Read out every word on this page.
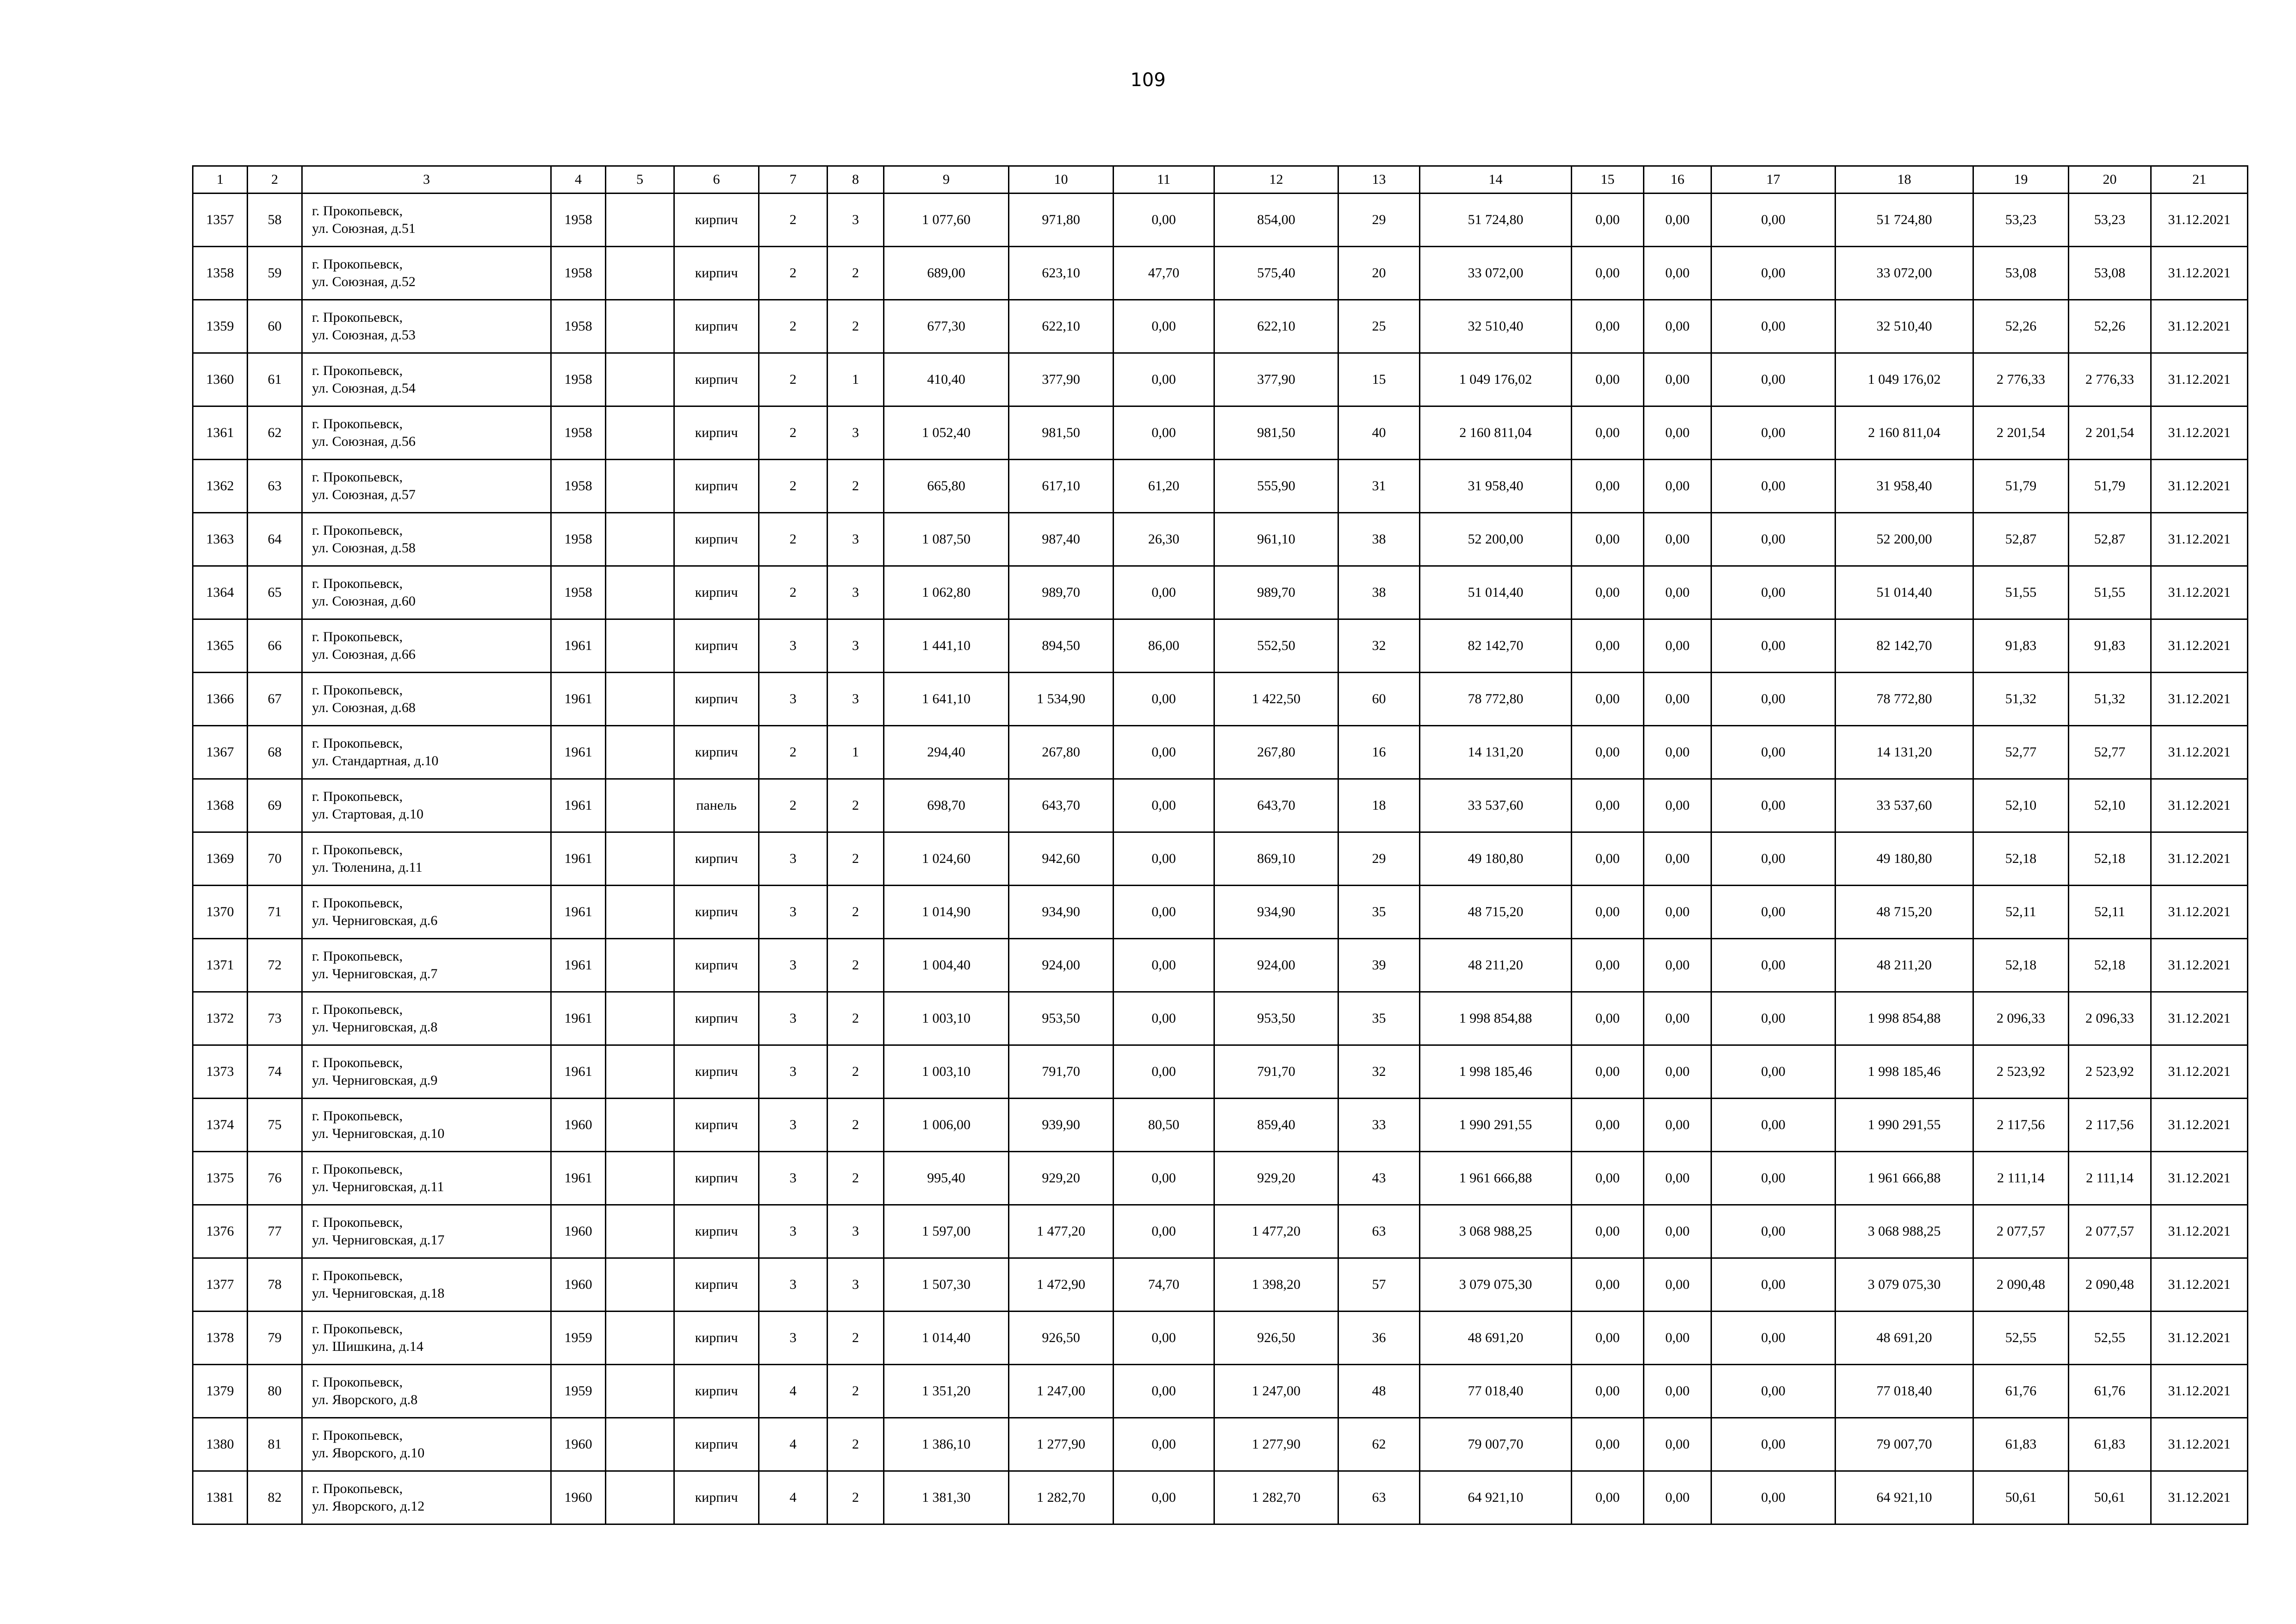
109
1	2	3	4	5	6	7	8	9	10	11	12	13	14	15	16	17	18	19	20	21
1357	58	г. Прокопьевск,
ул. Союзная, д.51	1958		кирпич	2	3	1 077,60	971,80	0,00	854,00	29	51 724,80	0,00	0,00	0,00	51 724,80	53,23	53,23	31.12.2021
1358	59	г. Прокопьевск,
ул. Союзная, д.52	1958		кирпич	2	2	689,00	623,10	47,70	575,40	20	33 072,00	0,00	0,00	0,00	33 072,00	53,08	53,08	31.12.2021
1359	60	г. Прокопьевск,
ул. Союзная, д.53	1958		кирпич	2	2	677,30	622,10	0,00	622,10	25	32 510,40	0,00	0,00	0,00	32 510,40	52,26	52,26	31.12.2021
1360	61	г. Прокопьевск,
ул. Союзная, д.54	1958		кирпич	2	1	410,40	377,90	0,00	377,90	15	1 049 176,02	0,00	0,00	0,00	1 049 176,02	2 776,33	2 776,33	31.12.2021
1361	62	г. Прокопьевск,
ул. Союзная, д.56	1958		кирпич	2	3	1 052,40	981,50	0,00	981,50	40	2 160 811,04	0,00	0,00	0,00	2 160 811,04	2 201,54	2 201,54	31.12.2021
1362	63	г. Прокопьевск,
ул. Союзная, д.57	1958		кирпич	2	2	665,80	617,10	61,20	555,90	31	31 958,40	0,00	0,00	0,00	31 958,40	51,79	51,79	31.12.2021
1363	64	г. Прокопьевск,
ул. Союзная, д.58	1958		кирпич	2	3	1 087,50	987,40	26,30	961,10	38	52 200,00	0,00	0,00	0,00	52 200,00	52,87	52,87	31.12.2021
1364	65	г. Прокопьевск,
ул. Союзная, д.60	1958		кирпич	2	3	1 062,80	989,70	0,00	989,70	38	51 014,40	0,00	0,00	0,00	51 014,40	51,55	51,55	31.12.2021
1365	66	г. Прокопьевск,
ул. Союзная, д.66	1961		кирпич	3	3	1 441,10	894,50	86,00	552,50	32	82 142,70	0,00	0,00	0,00	82 142,70	91,83	91,83	31.12.2021
1366	67	г. Прокопьевск,
ул. Союзная, д.68	1961		кирпич	3	3	1 641,10	1 534,90	0,00	1 422,50	60	78 772,80	0,00	0,00	0,00	78 772,80	51,32	51,32	31.12.2021
1367	68	г. Прокопьевск,
ул. Стандартная, д.10	1961		кирпич	2	1	294,40	267,80	0,00	267,80	16	14 131,20	0,00	0,00	0,00	14 131,20	52,77	52,77	31.12.2021
1368	69	г. Прокопьевск,
ул. Стартовая, д.10	1961		панель	2	2	698,70	643,70	0,00	643,70	18	33 537,60	0,00	0,00	0,00	33 537,60	52,10	52,10	31.12.2021
1369	70	г. Прокопьевск,
ул. Тюленина, д.11	1961		кирпич	3	2	1 024,60	942,60	0,00	869,10	29	49 180,80	0,00	0,00	0,00	49 180,80	52,18	52,18	31.12.2021
1370	71	г. Прокопьевск,
ул. Черниговская, д.6	1961		кирпич	3	2	1 014,90	934,90	0,00	934,90	35	48 715,20	0,00	0,00	0,00	48 715,20	52,11	52,11	31.12.2021
1371	72	г. Прокопьевск,
ул. Черниговская, д.7	1961		кирпич	3	2	1 004,40	924,00	0,00	924,00	39	48 211,20	0,00	0,00	0,00	48 211,20	52,18	52,18	31.12.2021
1372	73	г. Прокопьевск,
ул. Черниговская, д.8	1961		кирпич	3	2	1 003,10	953,50	0,00	953,50	35	1 998 854,88	0,00	0,00	0,00	1 998 854,88	2 096,33	2 096,33	31.12.2021
1373	74	г. Прокопьевск,
ул. Черниговская, д.9	1961		кирпич	3	2	1 003,10	791,70	0,00	791,70	32	1 998 185,46	0,00	0,00	0,00	1 998 185,46	2 523,92	2 523,92	31.12.2021
1374	75	г. Прокопьевск,
ул. Черниговская, д.10	1960		кирпич	3	2	1 006,00	939,90	80,50	859,40	33	1 990 291,55	0,00	0,00	0,00	1 990 291,55	2 117,56	2 117,56	31.12.2021
1375	76	г. Прокопьевск,
ул. Черниговская, д.11	1961		кирпич	3	2	995,40	929,20	0,00	929,20	43	1 961 666,88	0,00	0,00	0,00	1 961 666,88	2 111,14	2 111,14	31.12.2021
1376	77	г. Прокопьевск,
ул. Черниговская, д.17	1960		кирпич	3	3	1 597,00	1 477,20	0,00	1 477,20	63	3 068 988,25	0,00	0,00	0,00	3 068 988,25	2 077,57	2 077,57	31.12.2021
1377	78	г. Прокопьевск,
ул. Черниговская, д.18	1960		кирпич	3	3	1 507,30	1 472,90	74,70	1 398,20	57	3 079 075,30	0,00	0,00	0,00	3 079 075,30	2 090,48	2 090,48	31.12.2021
1378	79	г. Прокопьевск,
ул. Шишкина, д.14	1959		кирпич	3	2	1 014,40	926,50	0,00	926,50	36	48 691,20	0,00	0,00	0,00	48 691,20	52,55	52,55	31.12.2021
1379	80	г. Прокопьевск,
ул. Яворского, д.8	1959		кирпич	4	2	1 351,20	1 247,00	0,00	1 247,00	48	77 018,40	0,00	0,00	0,00	77 018,40	61,76	61,76	31.12.2021
1380	81	г. Прокопьевск,
ул. Яворского, д.10	1960		кирпич	4	2	1 386,10	1 277,90	0,00	1 277,90	62	79 007,70	0,00	0,00	0,00	79 007,70	61,83	61,83	31.12.2021
1381	82	г. Прокопьевск,
ул. Яворского, д.12	1960		кирпич	4	2	1 381,30	1 282,70	0,00	1 282,70	63	64 921,10	0,00	0,00	0,00	64 921,10	50,61	50,61	31.12.2021
